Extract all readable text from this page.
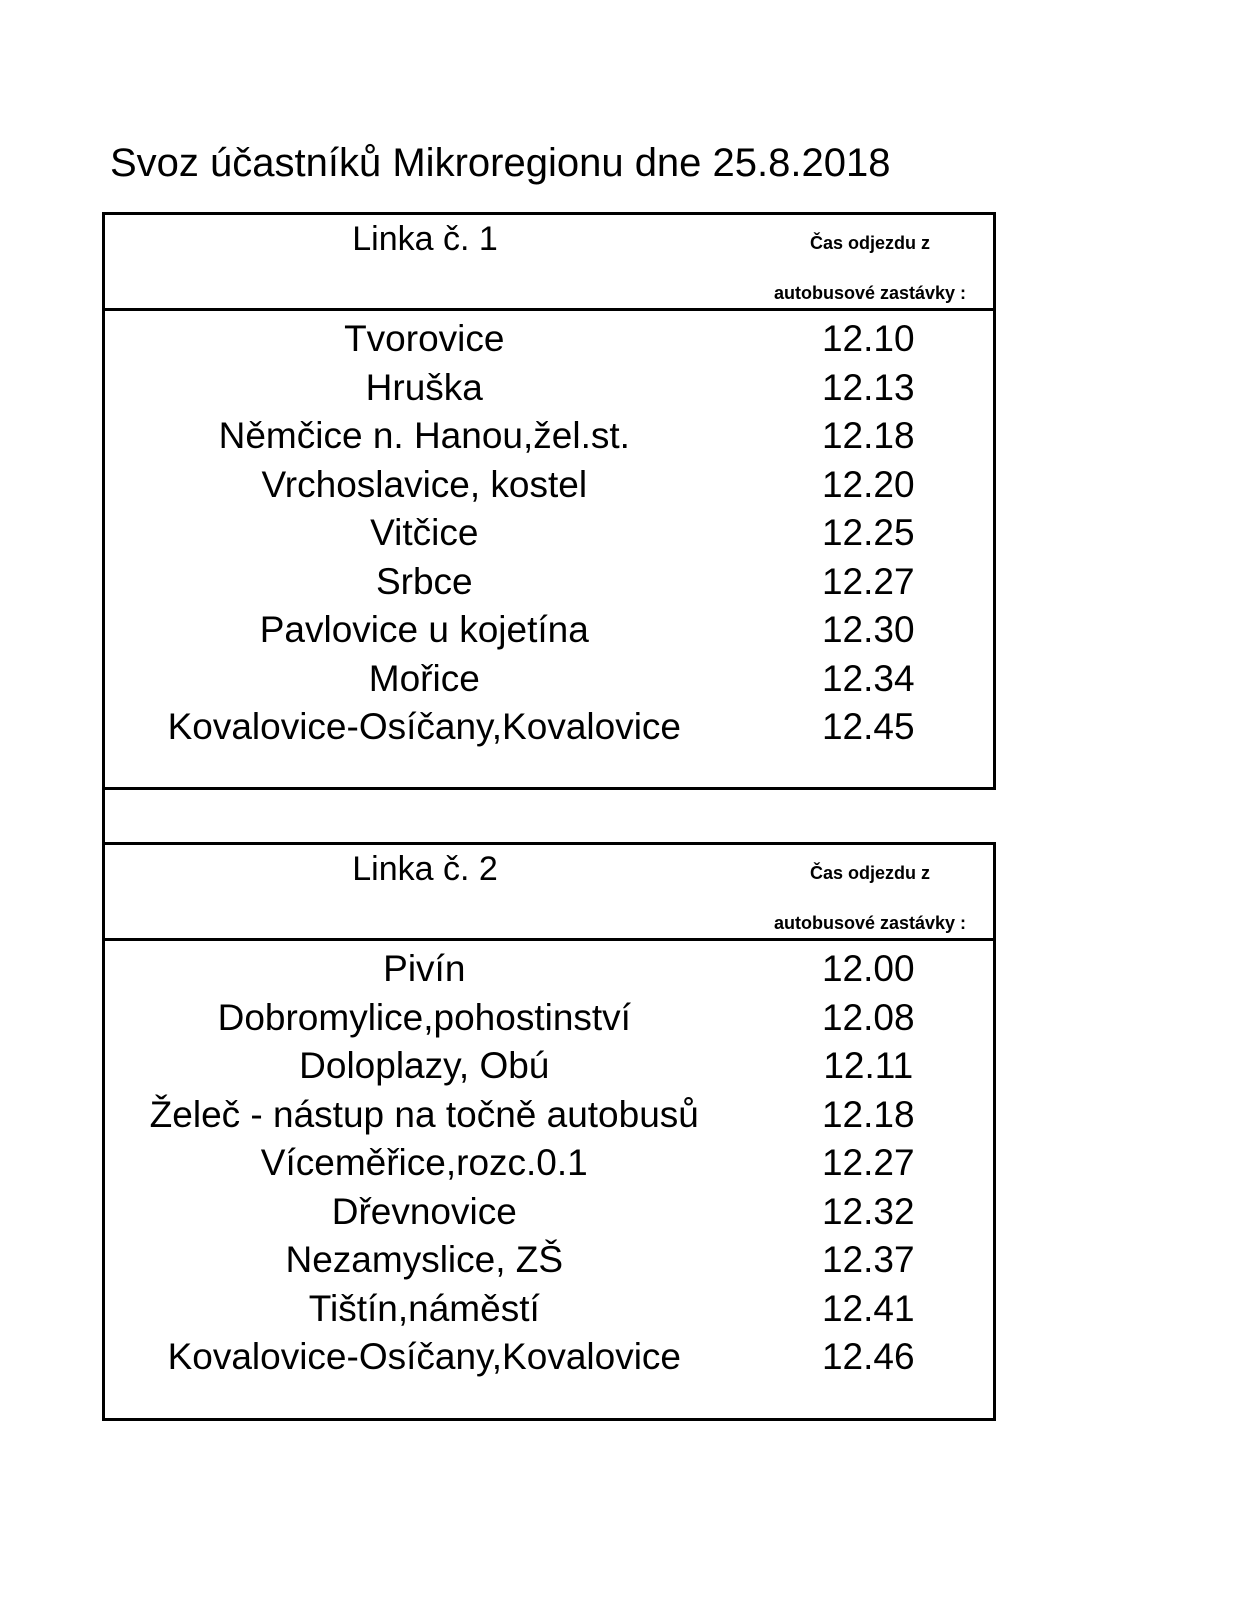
Svoz účastníků Mikroregionu dne 25.8.2018
Linka č. 1	Čas odjezdu z
autobusové zastávky :
Tvorovice	12.10
Hruška	12.13
Němčice n. Hanou,žel.st.	12.18
Vrchoslavice, kostel	12.20
Vitčice	12.25
Srbce	12.27
Pavlovice u kojetína	12.30
Mořice	12.34
Kovalovice-Osíčany,Kovalovice	12.45
Linka č. 2	Čas odjezdu z
autobusové zastávky :
Pivín	12.00
Dobromylice,pohostinství	12.08
Doloplazy, Obú	12.11
Želeč - nástup na točně autobusů	12.18
Víceměřice,rozc.0.1	12.27
Dřevnovice	12.32
Nezamyslice, ZŠ	12.37
Tištín,náměstí	12.41
Kovalovice-Osíčany,Kovalovice	12.46
